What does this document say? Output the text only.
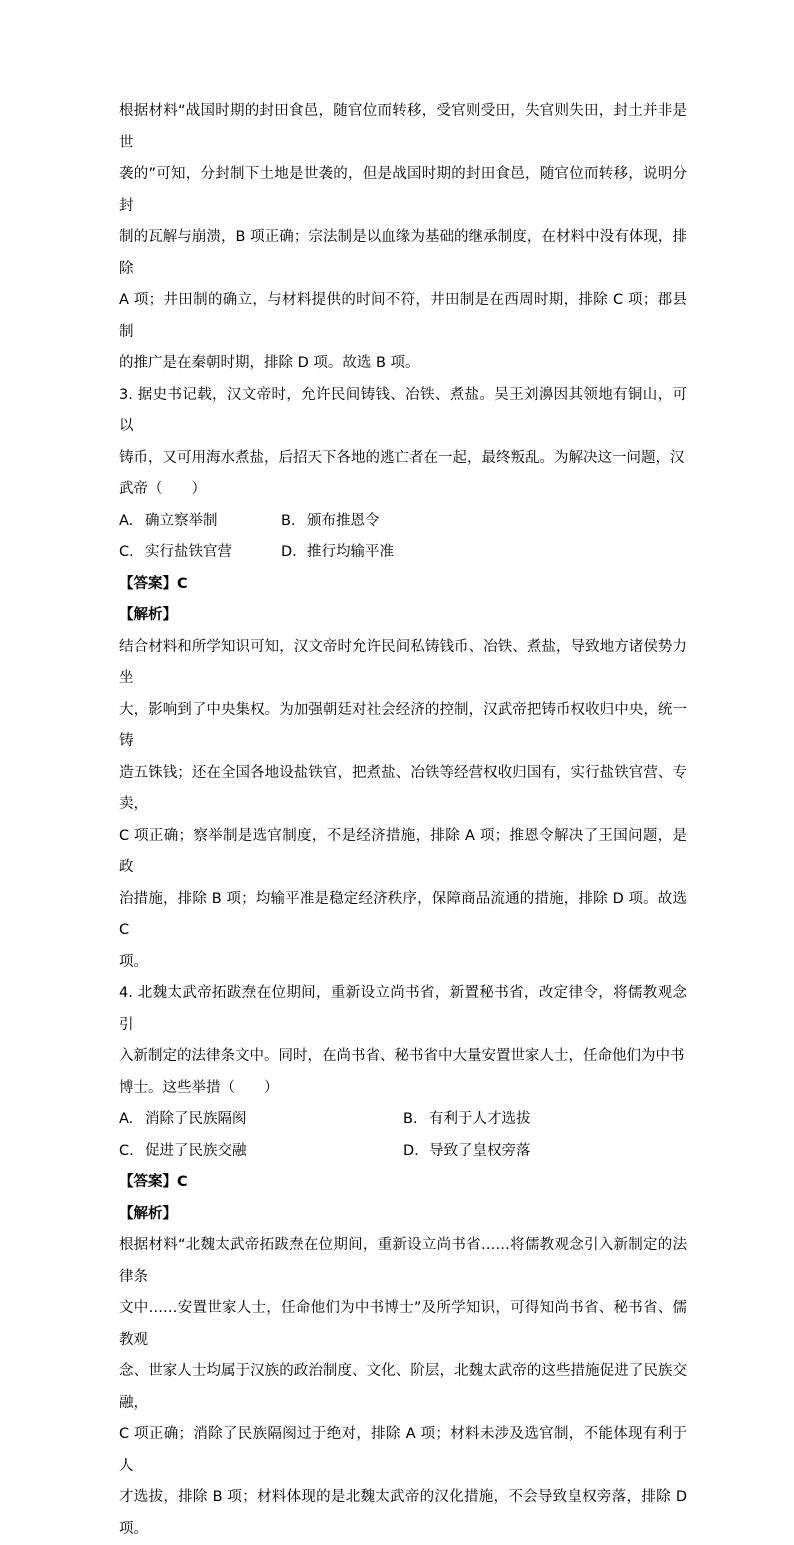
根据材料“战国时期的封田食邑，随官位而转移，受官则受田，失官则失田，封土并非是世

袭的”可知，分封制下土地是世袭的，但是战国时期的封田食邑，随官位而转移，说明分封

制的瓦解与崩溃，B 项正确；宗法制是以血缘为基础的继承制度，在材料中没有体现，排除

A 项；井田制的确立，与材料提供的时间不符，井田制是在西周时期，排除 C 项；郡县制

的推广是在秦朝时期，排除 D 项。故选 B 项。

3. 据史书记载，汉文帝时，允许民间铸钱、冶铁、煮盐。吴王刘濞因其领地有铜山，可以

铸币，又可用海水煮盐，后招天下各地的逃亡者在一起，最终叛乱。为解决这一问题，汉

武帝（　　）

A. 确立察举制	B. 颁布推恩令
C. 实行盐铁官营	D. 推行均输平准

【答案】C

【解析】

结合材料和所学知识可知，汉文帝时允许民间私铸钱币、冶铁、煮盐，导致地方诸侯势力坐

大，影响到了中央集权。为加强朝廷对社会经济的控制，汉武帝把铸币权收归中央，统一铸

造五铢钱；还在全国各地设盐铁官，把煮盐、冶铁等经营权收归国有，实行盐铁官营、专卖，

C 项正确；察举制是选官制度，不是经济措施，排除 A 项；推恩令解决了王国问题，是政

治措施，排除 B 项；均输平准是稳定经济秩序，保障商品流通的措施，排除 D 项。故选 C

项。

4. 北魏太武帝拓跋焘在位期间，重新设立尚书省，新置秘书省，改定律令，将儒教观念引

入新制定的法律条文中。同时，在尚书省、秘书省中大量安置世家人士，任命他们为中书

博士。这些举措（　　）

A. 消除了民族隔阂	B. 有利于人才选拔
C. 促进了民族交融	D. 导致了皇权旁落

【答案】C

【解析】

根据材料“北魏太武帝拓跋焘在位期间，重新设立尚书省……将儒教观念引入新制定的法律条

文中……安置世家人士，任命他们为中书博士”及所学知识，可得知尚书省、秘书省、儒教观

念、世家人士均属于汉族的政治制度、文化、阶层，北魏太武帝的这些措施促进了民族交融，

C 项正确；消除了民族隔阂过于绝对，排除 A 项；材料未涉及选官制，不能体现有利于人

才选拔，排除 B 项；材料体现的是北魏太武帝的汉化措施，不会导致皇权旁落，排除 D 项。
